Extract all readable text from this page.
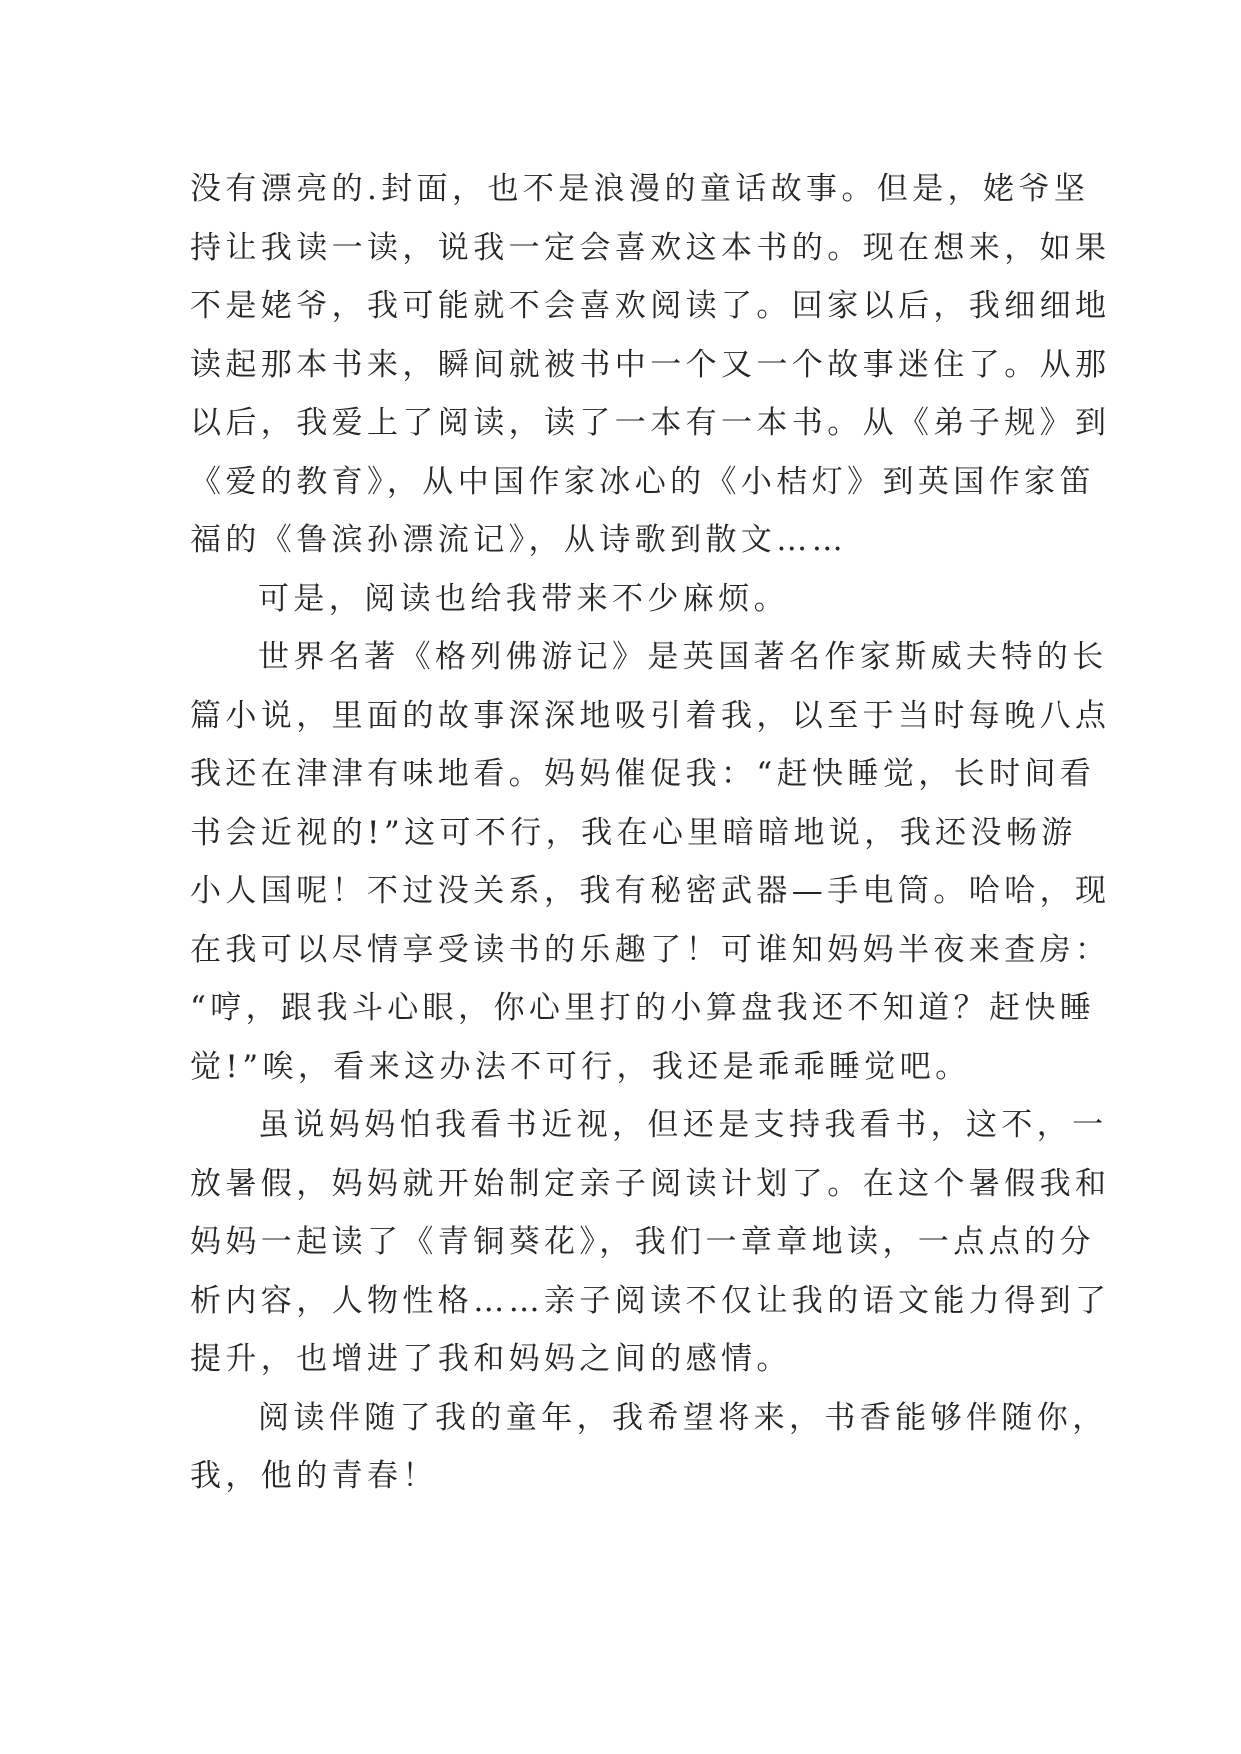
没有漂亮的.封面，也不是浪漫的童话故事。但是，姥爷坚
持让我读一读，说我一定会喜欢这本书的。现在想来，如果
不是姥爷，我可能就不会喜欢阅读了。回家以后，我细细地
读起那本书来，瞬间就被书中一个又一个故事迷住了。从那
以后，我爱上了阅读，读了一本有一本书。从《弟子规》到
《爱的教育》，从中国作家冰心的《小桔灯》到英国作家笛
福的《鲁滨孙漂流记》，从诗歌到散文……

可是，阅读也给我带来不少麻烦。

世界名著《格列佛游记》是英国著名作家斯威夫特的长
篇小说，里面的故事深深地吸引着我，以至于当时每晚八点
我还在津津有味地看。妈妈催促我：“赶快睡觉，长时间看
书会近视的!”这可不行，我在心里暗暗地说，我还没畅游
小人国呢！不过没关系，我有秘密武器—手电筒。哈哈，现
在我可以尽情享受读书的乐趣了！可谁知妈妈半夜来查房：
“哼，跟我斗心眼，你心里打的小算盘我还不知道？赶快睡
觉!”唉，看来这办法不可行，我还是乖乖睡觉吧。

虽说妈妈怕我看书近视，但还是支持我看书，这不，一
放暑假，妈妈就开始制定亲子阅读计划了。在这个暑假我和
妈妈一起读了《青铜葵花》，我们一章章地读，一点点的分
析内容，人物性格……亲子阅读不仅让我的语文能力得到了
提升，也增进了我和妈妈之间的感情。

阅读伴随了我的童年，我希望将来，书香能够伴随你，
我，他的青春！
